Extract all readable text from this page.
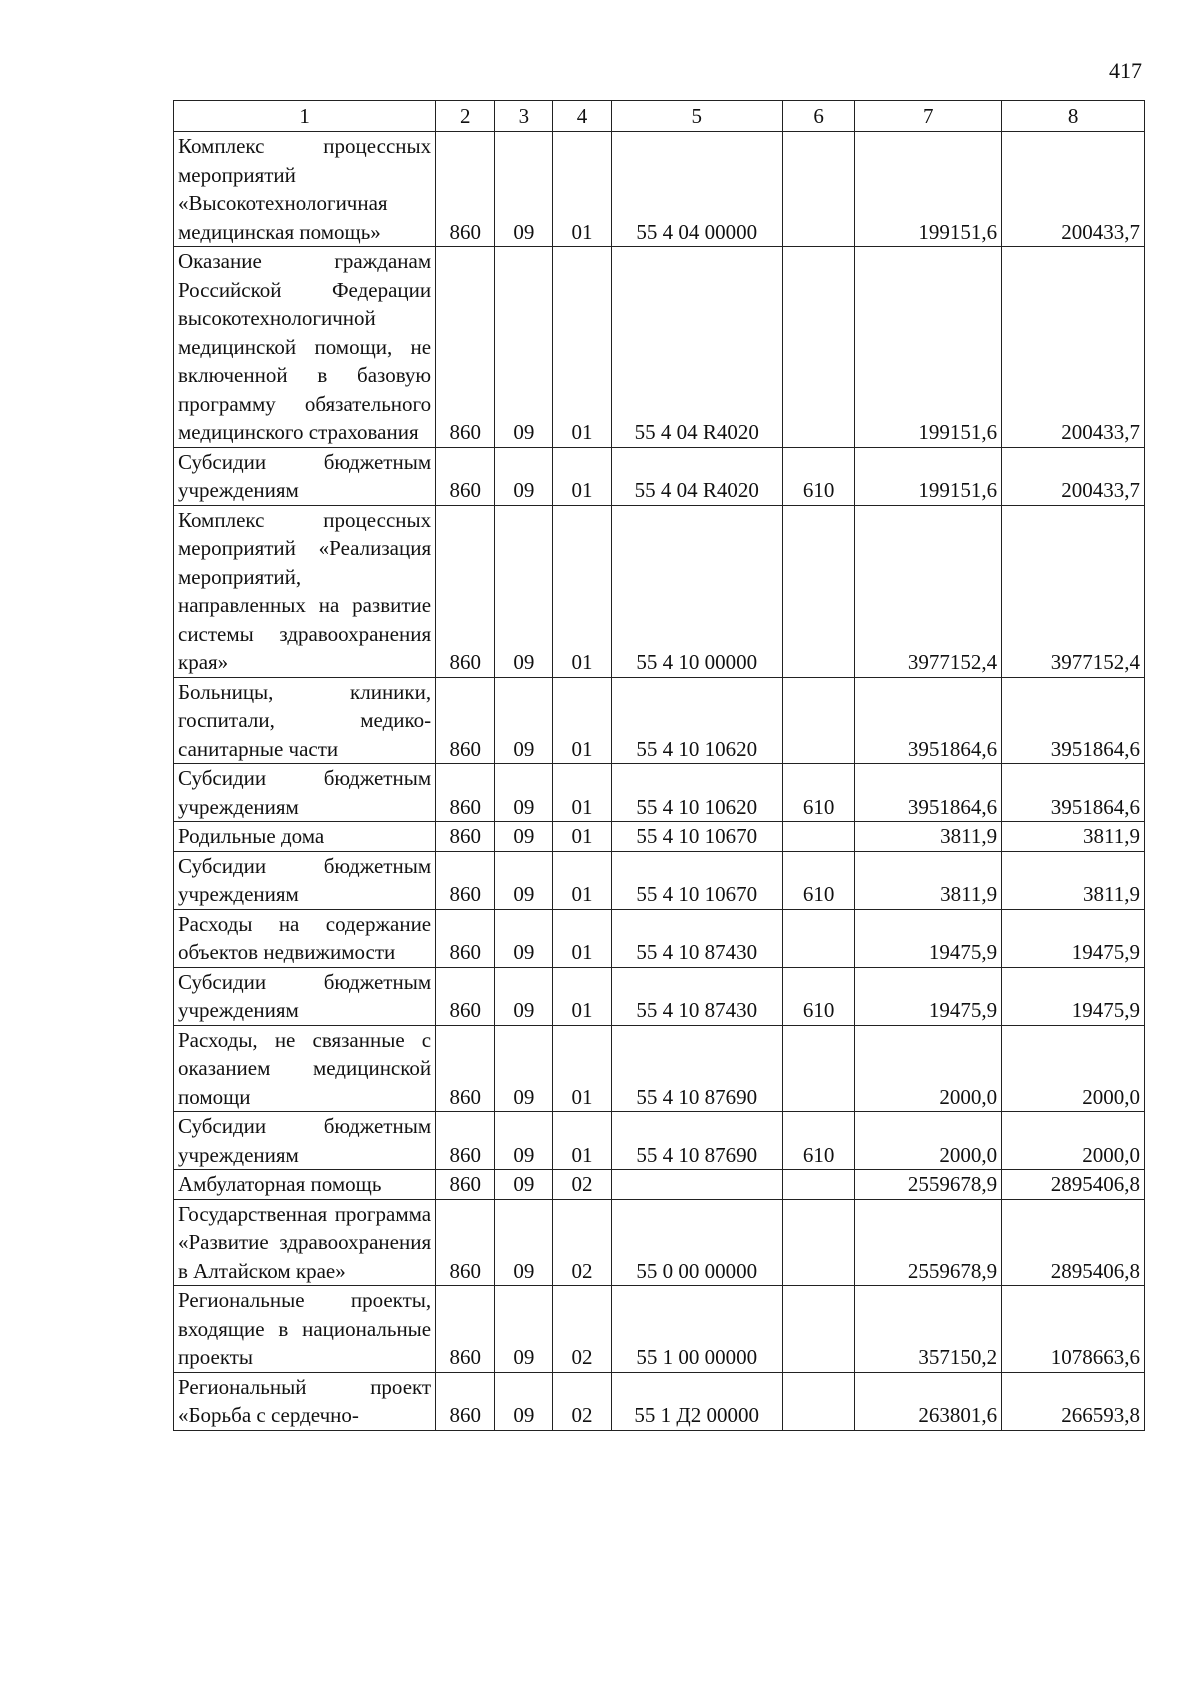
417
1	2	3	4	5	6	7	8
Комплекс процессных мероприятий «Высокотехнологичная медицинская помощь»	860	09	01	55 4 04 00000		199151,6	200433,7
Оказание гражданам Российской Федерации высокотехнологичной медицинской помощи, не включенной в базовую программу обязательного медицинского страхования	860	09	01	55 4 04 R4020		199151,6	200433,7
Субсидии бюджетным учреждениям	860	09	01	55 4 04 R4020	610	199151,6	200433,7
Комплекс процессных мероприятий «Реализация мероприятий, направленных на развитие системы здравоохранения края»	860	09	01	55 4 10 00000		3977152,4	3977152,4
Больницы, клиники, госпитали, медико-санитарные части	860	09	01	55 4 10 10620		3951864,6	3951864,6
Субсидии бюджетным учреждениям	860	09	01	55 4 10 10620	610	3951864,6	3951864,6
Родильные дома	860	09	01	55 4 10 10670		3811,9	3811,9
Субсидии бюджетным учреждениям	860	09	01	55 4 10 10670	610	3811,9	3811,9
Расходы на содержание объектов недвижимости	860	09	01	55 4 10 87430		19475,9	19475,9
Субсидии бюджетным учреждениям	860	09	01	55 4 10 87430	610	19475,9	19475,9
Расходы, не связанные с оказанием медицинской помощи	860	09	01	55 4 10 87690		2000,0	2000,0
Субсидии бюджетным учреждениям	860	09	01	55 4 10 87690	610	2000,0	2000,0
Амбулаторная помощь	860	09	02			2559678,9	2895406,8
Государственная программа «Развитие здравоохранения в Алтайском крае»	860	09	02	55 0 00 00000		2559678,9	2895406,8
Региональные проекты, входящие в национальные проекты	860	09	02	55 1 00 00000		357150,2	1078663,6
Региональный проект «Борьба с сердечно-	860	09	02	55 1 Д2 00000		263801,6	266593,8
